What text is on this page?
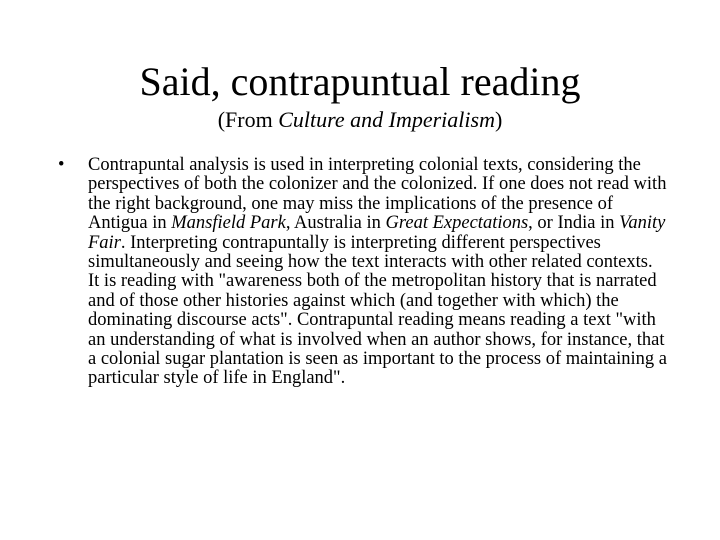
Said, contrapuntual reading

(From Culture and Imperialism)

• Contrapuntal analysis is used in interpreting colonial texts, considering the perspectives of both the colonizer and the colonized. If one does not read with the right background, one may miss the implications of the presence of Antigua in Mansfield Park, Australia in Great Expectations, or India in Vanity Fair. Interpreting contrapuntally is interpreting different perspectives simultaneously and seeing how the text interacts with other related contexts. It is reading with "awareness both of the metropolitan history that is narrated and of those other histories against which (and together with which) the dominating discourse acts". Contrapuntal reading means reading a text "with an understanding of what is involved when an author shows, for instance, that a colonial sugar plantation is seen as important to the process of maintaining a particular style of life in England".
